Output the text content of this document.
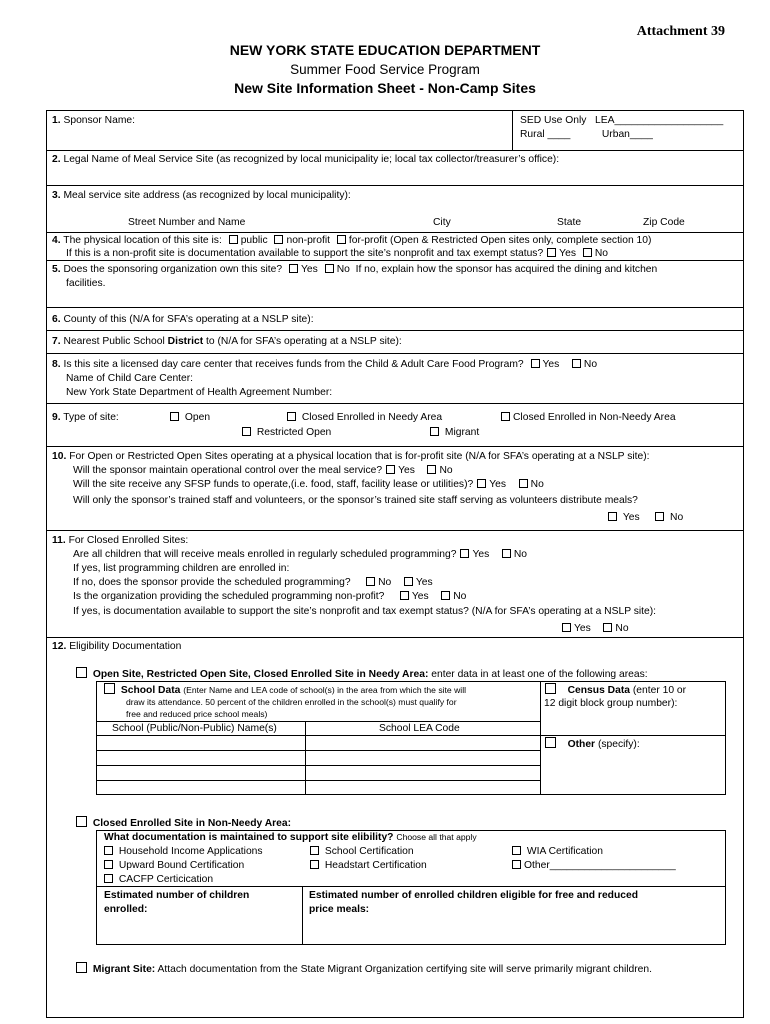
Attachment 39
NEW YORK STATE EDUCATION DEPARTMENT
Summer Food Service Program
New Site Information Sheet - Non-Camp Sites
1. Sponsor Name:	SED Use Only LEA___________________
Rural ____	Urban____
2. Legal Name of Meal Service Site (as recognized by local municipality ie; local tax collector/treasurer’s office):
3. Meal service site address (as recognized by local municipality):
Street Number and Name	City	State	Zip Code
4. The physical location of this site is: public non-profit for-profit (Open & Restricted Open sites only, complete section 10)
If this is a non-profit site is documentation available to support the site’s nonprofit and tax exempt status? Yes No
5. Does the sponsoring organization own this site? Yes No If no, explain how the sponsor has acquired the dining and kitchen
facilities.
6. County of this (N/A for SFA’s operating at a NSLP site):
7. Nearest Public School District to (N/A for SFA’s operating at a NSLP site):
8. Is this site a licensed day care center that receives funds from the Child & Adult Care Food Program? Yes No
Name of Child Care Center:
New York State Department of Health Agreement Number:
9. Type of site:	Open	Closed Enrolled in Needy Area	Closed Enrolled in Non-Needy Area
Restricted Open	Migrant
10. For Open or Restricted Open Sites operating at a physical location that is for-profit site (N/A for SFA’s operating at a NSLP site):
Will the sponsor maintain operational control over the meal service? Yes No
Will the site receive any SFSP funds to operate,(i.e. food, staff, facility lease or utilities)? Yes No
Will only the sponsor’s trained staff and volunteers, or the sponsor’s trained site staff serving as volunteers distribute meals?
Yes	No
11. For Closed Enrolled Sites:
Are all children that will receive meals enrolled in regularly scheduled programming? Yes No
If yes, list programming children are enrolled in:
If no, does the sponsor provide the scheduled programming?	No Yes
Is the organization providing the scheduled programming non-profit?	Yes No
If yes, is documentation available to support the site’s nonprofit and tax exempt status? (N/A for SFA’s operating at a NSLP site):
Yes No
12. Eligibility Documentation
Open Site, Restricted Open Site, Closed Enrolled Site in Needy Area: enter data in at least one of the following areas:
School Data (Enter Name and LEA code of school(s) in the area from which the site will
draw its attendance. 50 percent of the children enrolled in the school(s) must qualify for
free and reduced price school meals)
School (Public/Non-Public) Name(s)	School LEA Code
Census Data (enter 10 or
12 digit block group number):
Other (specify):
Closed Enrolled Site in Non-Needy Area:
What documentation is maintained to support site elibility? Choose all that apply
Household Income Applications	School Certification	WIA Certification
Upward Bound Certification	Headstart Certification	Other______________________
CACFP Certicication
Estimated number of children
enrolled:
Estimated number of enrolled children eligible for free and reduced
price meals:
Migrant Site: Attach documentation from the State Migrant Organization certifying site will serve primarily migrant children.
